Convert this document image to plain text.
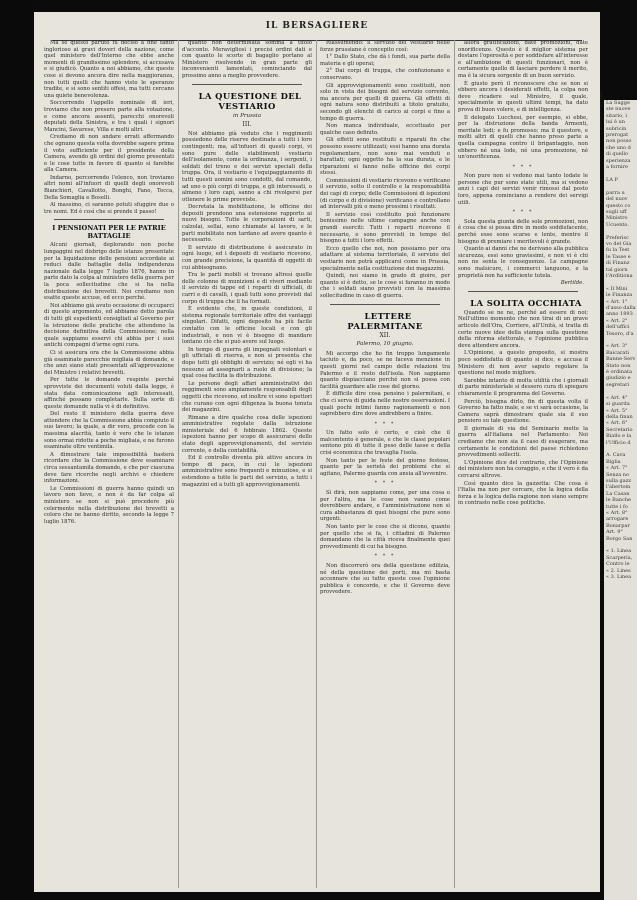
IL BERSAGLIERE

Ma se questo partito fu deciso a fine tanto inglorioso ai gravi doveri della nazione, come quel ministero dell'Interno che ebbe anche momenti di grandissimo splendore, si accusava e si giudicò. Quanto a noi abbiamo, che queste cose si devono ancora dire nella maggioranza, non tutti quelli che hanno visto le speranze tradite, e si sono sentiti offesi, ma tutti cercano una quiete benevolenza.

Soccorrendo l'appello nominale di ieri, troviamo che non presero parte alla votazione, e come ancora assenti, parecchi onorevoli deputati della Sinistra, e tra i quali i signori Mancini, Savarese, Villa e molti altri.

Crediamo di non andare errati affermando che ognuno questa volta dovrebbe sapere prima il voto sufficiente per il presidente della Camera, avendo gli ordini del giorno presentati e le cose tutte in favore di quanto si farebbe alla Camera.

Indarno, percorrendo l'elenco, non troviamo altri nomi all'infuori di quelli degli onorevoli Bianchieri, Cavallotto, Bonghi, Fano, Tecca, Della Somaglia e Boselli.

Al massimo, ci saranno potuti sfuggire due o tre nomi. Ed è così che si prende il passo!

I PENSIONATI PER LE PATRIE BATTAGLIE

Alcuni giornali, deplorando non poche lungaggini nel disbrigo delle istanze presentate per la liquidazione delle pensioni accordate ai reduci dalle battaglie della indipendenza nazionale dalla legge 7 luglio 1876, hanno in parte dato la colpa al ministero della guerra per la poca sollecitudine che si ha nella distribuzione dei brevetti. Noi crediamo non esatte queste accuse, ed ecco perché.

Noi abbiamo già avuto occasione di occuparci di questo argomento, ed abbiamo detto parola di tutti gli espedienti consigliati al Governo per la istruzione delle pratiche che attendono la decisione definitiva della Commissione; nella quale sappiamo esservi chi abbia per i suoi antichi compagni d'arme ogni cura.

Ci si assicura ora che la Commissione abbia già esaminate parecchie migliaia di domande, e che anzi siano stati presentati all'approvazione del Ministro i relativi brevetti.

Per tutte le domande respinte perché sprovviste dei documenti voluti dalla legge, è stata data comunicazione agli interessati, affinché possano completarle. Sulla sorte di queste domande nulla vi è di definitivo.

Del resto il ministero della guerra deve attendere che la Commissione abbia compiuto il suo lavoro; la quale, a dir vero, procede con la massima alacrità, tanto è vero che le istanze sono ormai ridotte a poche migliaia, e ne furono esaminate oltre ventimila.

A dimostrare tale impossibilità basterà ricordare che la Commissione deve esaminare circa sessantamila domande, e che per ciascuna deve fare ricerche negli archivi e chiedere informazioni.

Le Commissioni di guerra hanno quindi un lavoro non lieve, e non è da far colpa al ministero se non si può procedere più celermente nella distribuzione dei brevetti a coloro che ne hanno diritto, secondo la legge 7 luglio 1876.

quanto non determinata somma a titolo d'acconto. Meravigliosi i precisi ordini dati e con quanto le scorte di bagaglio portano al Ministero risolvendo in gran parte gli inconvenienti lamentati, cominciando dal prossimo anno a meglio provvedere.

LA QUESTIONE DEL VESTIARIO

in Prussia

III.

Noi abbiamo già veduto che i reggimenti possiedono delle riserve destinate a tutti i loro contingenti; ma, all'infuori di questi corpi, vi sono pure delle stabilimenti vestiario dell'isolamento, come la ordinanza, i sergenti, i soldati del treno e dei servizi speciali della truppa. Ora, il vestiario e l'equipaggiamento di tutti questi uomini sono condotti, dal comando, ad uno o più corpi di truppa, e gli interessati, o almeno i loro capi, sanno a chi rivolgersi per ottenere le prime provviste.

Decretata la mobilitazione, le officine dei depositi prendono una estensione rapporto ai nuovi bisogni. Tutte le corporazioni di sarti, calzolai, sellai, sono chiamate al lavoro, e le parti mobilitate non tardano ad avere quanto è necessario.

Il servizio di distribuzione è assicurato in ogni luogo, ed i depositi di vestiario ricevono, con grande precisione, la quantità di oggetti di cui abbisognano.

Tra le parti mobili si trovano altresì quelle delle colonne di munizioni e di viveri mediante il servizio di tappe ed i reparti di ufficiali, di carri e di cavalli, i quali tutti sono provvisti dal corpo di truppa che li ha formati.

È evidente che, in queste condizioni, il sistema regionale territoriale offre dei vantaggi singolari. Difatti, ogni deposito ha più facile contatto con le officine locali e con gli industriali, e non vi è bisogno di mandare lontano ciò che si può avere sul luogo.

In tempo di guerra gli impegnati volontari e gli ufficiali di riserva, e non si presenta che dopo tutti gli obblighi di servizio; né egli vi ha nessuno ad assegnarli a ruolo di divisione; la qual cosa facilita la distribuzione.

Le persone degli affari amministrativi dei reggimenti sono ampiamente responsabili degli oggetti che ricevono, ed inoltre vi sono ispettori che curano con ogni diligenza la buona tenuta dei magazzini.

Rimane a dire qualche cosa delle ispezioni amministrative regolate dalla istruzione ministeriale del 6 febbraio 1862. Queste ispezioni hanno per scopo di assicurarsi dello stato degli approvvigionamenti, del servizio corrente, e della contabilità.

Ed il controllo diventa più attivo ancora in tempo di pace, in cui le ispezioni amministrative sono frequenti e minuziose, e si estendono a tutte le parti del servizio, a tutti i magazzini ed a tutti gli approvvigionamenti.

Riassumendo: il servizio del vestiario nelle forze prussiane è concepito così:

1° Dallo Stato, che dà i fondi, sua parte della materia e gli operai;

2° Dai corpi di truppa, che confezionano e conservano.

Gli approvvigionamenti sono costituiti, non solo in vista dei bisogni del servizio corrente, ma ancora per quelli di guerra. Gli effetti di ogni natura sono distribuiti a titolo gratuito, secondo gli elenchi di carico ai corpi e fino a tempo di guerra.

Non manca individuale, eccettuato per qualche caso definito.

Gli effetti sono restituiti e riparati fin che possono essere utilizzati; essi hanno una durata regolamentare, non sono mai venduti o barattati; ogni oggetto ha la sua durata, e le riparazioni si fanno nelle officine dei corpi stessi.

Commissioni di vestiario ricevono e verificano il servizio, sotto il controllo e la responsabilità dei capi di corpo; delle Commissioni di ispezioni (di corpo e di divisione) verificano e controllano ad intervalli più o meno prossimi i risultati.

Il servizio così costituito può funzionare benissimo nelle ultime campagne anche con grandi eserciti: Tutti i reparti ricevono il necessario, e sono provvisti in tempo del bisogno a tutti i loro effetti.

Ecco quello che noi, non possiamo per ora adattare al sistema territoriale, il servizio del vestiario non potrà applicarsi come in Prussia, specialmente nella costituzione dei magazzini.

Quindi, noi siamo in grado di gioire, per quanto si è detto, se le cose si faranno in modo che i soldati siano provvisti con la massima sollecitudine in caso di guerra.

LETTERE PALERMITANE

XII.

Palermo, 10 giugno.

Mi accorgo che ho fin troppo lungamente taciuto e, da poco, se ne faceva menzione in questi giorni nel campo delle relazioni tra Palermo e il resto dell'isola. Non sappiamo quanto dispiacciano perché non si possa con facilità guardare alle cose del giorno.

È difficile dire cosa pensino i palermitani, e che ci serva di guida nelle nostre osservazioni. I quali pochi intimi fanno ragionamenti e non saprebbero dire dove andrebbero a finire.

* * *

Un fatto solo è certo, e cioè che il malcontento è generale, e che le classi popolari sentono più di tutte il peso delle tasse e della crisi economica che travaglia l'isola.

Non tanto per le feste del giorno festoso, quanto per la serietà dei problemi che si agitano, Palermo guarda con ansia all'avvenire.

* * *

Sì dirà, non sappiamo come, per una cosa o per l'altra, ma le cose non vanno come dovrebbero andare, e l'amministrazione non si cura abbastanza di quei bisogni che pure sono urgenti.

Non tanto per le cose che si dicono, quanto per quello che si fa, i cittadini di Palermo domandano che la città riceva finalmente quei provvedimenti di cui ha bisogno.

* * *

Non discorrerò ora della questione edilizia, né della questione dei porti, ma mi basta accennare che su tutte queste cose l'opinione pubblica è concorde, e che il Governo deve provvedere.

allora gratificazioni, date promozioni, date onorificenze. Questo è il miglior sistema per destare l'operosità e per soddisfare all'interesse e all'ambizione di questi funzionari, non è certamente quello di lasciare perdere il merito, ma è la sicura sorgente di un buon servizio.

È giusto però il riconoscere che se non si ebbero ancora i desiderati effetti, la colpa non deve ricadere sul Ministro, il quale, specialmente in questi ultimi tempi, ha dato prova di buon volere, e di intelligenza.

Il delegato Lucchesi, per esempio, si ebbe, per la distruzione della banda Armenti, meritate lodi; e fu promosso; ma il questore, e molti altri di quelli che hanno preso parte a quella campagna contro il brigantaggio, non ebbero né una lode, né una promozione, né un'onorificenza.

* * *

Non pure non si vedono mai tanto lodate le persone che pur sono state utili, ma si vedono anzi i capi dei servizi venir rimossi dal posto loro, appena cominciano a rendere dei servigi utili.

* * *

Sola questa giunta delle sole promozioni, non è cosa che si possa dire in modo soddisfacente, perché esse sono scarse e lente, mentre il bisogno di premiare i meritevoli è grande.

Quanto ai danni che ne derivano alla pubblica sicurezza, essi sono gravissimi, e non vi è chi non ne senta le conseguenze. Le campagne sono malsicure, i commerci languono, e la proprietà non ha sufficiente tutela.

Bertilde.

LA SOLITA OCCHIATA

Quando se ne ne, perché ad essere di noi; Nell'ultimo momento che non tirai di un grave articolo dell'Ora, Corriere, all'Unità, si tratta di certe nuove idee della stampa sulla questione della riforma elettorale, e l'opinione pubblica deve attendere ancora.

L'Opinione, a questo proposito, si mostra poco soddisfatta di quanto si dice, e accusa il Ministero di non aver saputo regolare la questione nel modo migliore.

Sarebbe intanto di molta utilità che i giornali di parte ministeriale si dessero cura di spiegare chiaramente il programma del Governo.

Perciò, bisogna dirlo, fin di questa volta il Governo ha fatto male, e se vi sarà occasione, la Camera saprà dimostrare quale sia il suo pensiero su tale questione.

Il giornale di via del Seminario mette la guerra all'italiana nel Parlamento: Noi crediamo che non sia il caso di esagerare, ma certamente le condizioni del paese richiedono provvedimenti solleciti.

L'Opinione dice del contrario, che l'Opinione del ministero non ha coraggio, e che il vero è da cercarsi altrove.

Così quanto dice la gazzetta: Che cosa è l'Italia ma non per cercare, che la logica della forza e la logica della ragione non siano sempre in contrasto nelle cose politiche.

La Sugge
ste nuove
sitario, i
lui è un
sobricin
prerogat
non posso
che uno d
di quello
sperienza
a fornire

LA P

parra u
del nuov
questo co
sugli uff
Ministro
Ucuento.

Preferisc
vo del Gia
fu la Test
le Tasse e
di Finanz
tal giorn
l'Arditiona

« Il Mini
le Finanza
« Art. 1°
d'asso dalla
anno 1893
« Art. 2°
dell'uffici
Tesoro, d'a

« Art. 3°
Baicarati
Banne-Serv
Stato non
è ordinata
giudizio e
segretari

« Art. 4°
si guarda
« Art. 5°
della finan
« Art. 6°
Secretario
Biallo e la
l'Ufficio d

A. Cava
Biglia
« Art. 7°
Senza no
sulla gazz
l'abertom
La Casan
le Banche
tutte i fo
« Art. 8°
arrogare
Bonarpar
Art. 9°
Borgo San

« 1. Linea
Scarperia,
Contro le
« 2. Lines
« 3. Linea
